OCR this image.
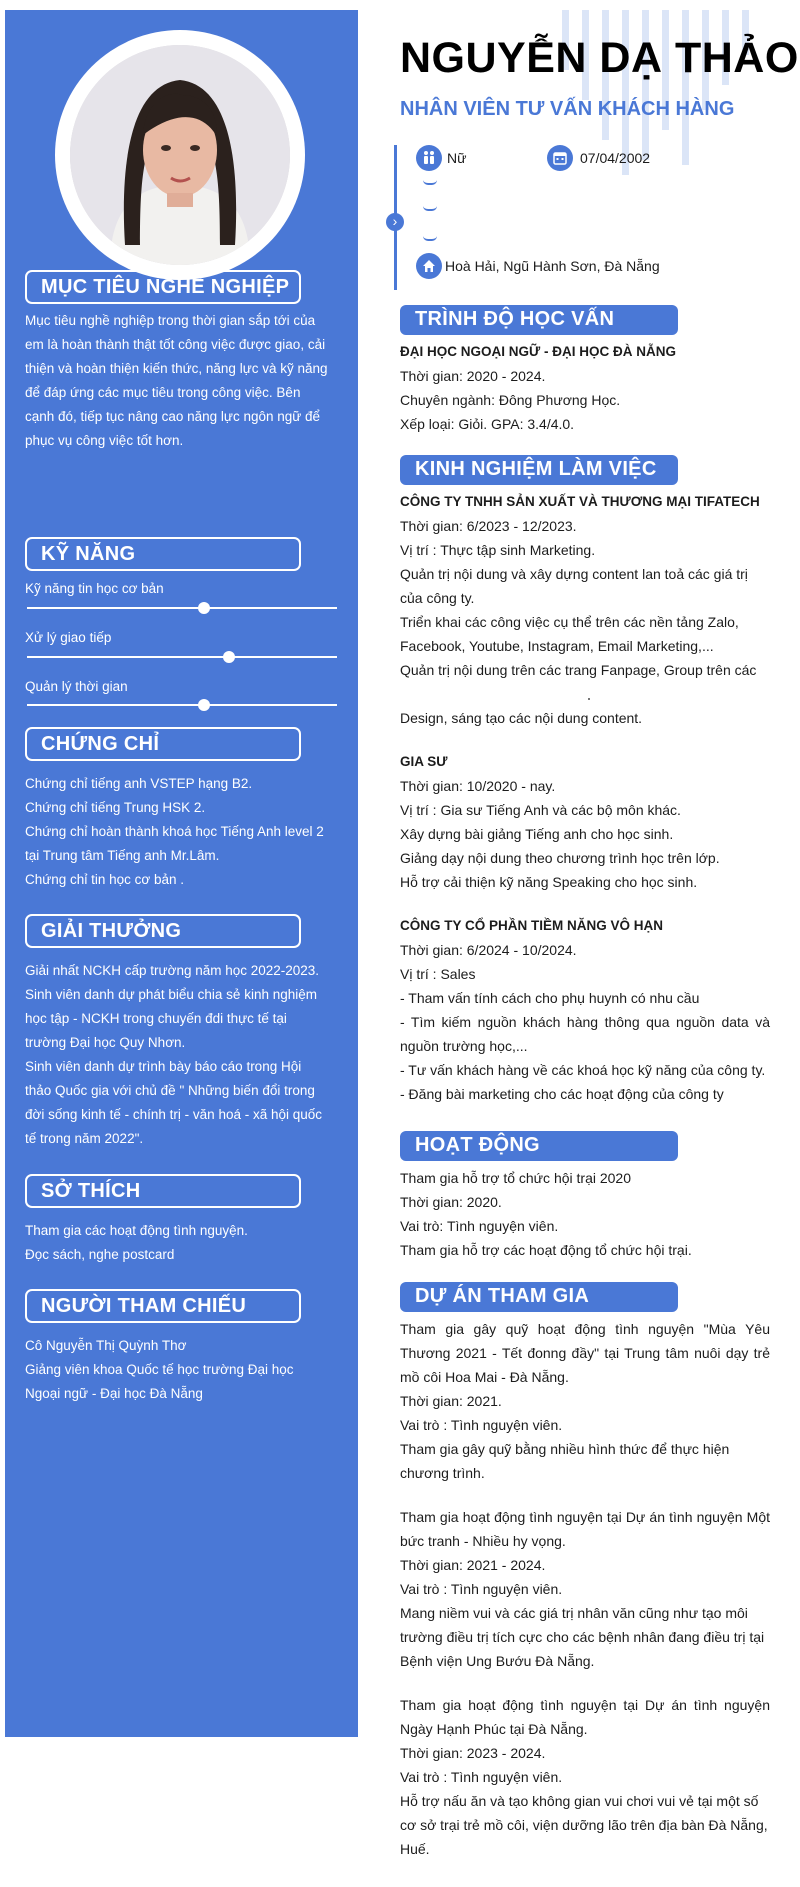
MỤC TIÊU NGHỀ NGHIỆP

Mục tiêu nghề nghiệp trong thời gian sắp tới của

em là hoàn thành thật tốt công việc được giao, cải

thiện và hoàn thiện kiến thức, năng lực và kỹ năng

để đáp ứng các mục tiêu trong công việc. Bên

cạnh đó, tiếp tục nâng cao năng lực ngôn ngữ để

phục vụ công việc tốt hơn.

KỸ NĂNG
Kỹ năng tin học cơ bản
Xử lý giao tiếp
Quản lý thời gian
CHỨNG CHỈ

Chứng chỉ tiếng anh VSTEP hạng B2.

Chứng chỉ tiếng Trung HSK 2.

Chứng chỉ hoàn thành khoá học Tiếng Anh level 2

tại Trung tâm Tiếng anh Mr.Lâm.

Chứng chỉ tin học cơ bản .

GIẢI THƯỞNG

Giải nhất NCKH cấp trường năm học 2022-2023.

Sinh viên danh dự phát biểu chia sẻ kinh nghiệm

học tập - NCKH trong chuyến đdi thực tế tại

trường Đại học Quy Nhơn.

Sinh viên danh dự trình bày báo cáo trong Hội

thảo Quốc gia với chủ đề " Những biến đổi trong

đời sống kinh tế - chính trị - văn hoá - xã hội quốc

tế trong năm 2022".

SỞ THÍCH

Tham gia các hoạt động tình nguyện.

Đọc sách, nghe postcard

NGƯỜI THAM CHIẾU

Cô Nguyễn Thị Quỳnh Thơ

Giảng viên khoa Quốc tế học trường Đại học

Ngoại ngữ - Đại học Đà Nẵng

NGUYỄN DẠ THẢO
NHÂN VIÊN TƯ VẤN KHÁCH HÀNG
›
Nữ	07/04/2002
Hoà Hải, Ngũ Hành Sơn, Đà Nẵng
TRÌNH ĐỘ HỌC VẤN

ĐẠI HỌC NGOẠI NGỮ - ĐẠI HỌC ĐÀ NẴNG

Thời gian: 2020 - 2024.

Chuyên ngành: Đông Phương Học.

Xếp loại: Giỏi. GPA: 3.4/4.0.

KINH NGHIỆM LÀM VIỆC

CÔNG TY TNHH SẢN XUẤT VÀ THƯƠNG MẠI TIFATECH

Thời gian: 6/2023 - 12/2023.

Vị trí : Thực tập sinh Marketing.

Quản trị nội dung và xây dựng content lan toả các giá trị

của công ty.

Triển khai các công việc cụ thể trên các nền tảng Zalo,

Facebook, Youtube, Instagram, Email Marketing,...

Quản trị nội dung trên các trang Fanpage, Group trên các

Design, sáng tạo các nội dung content.

GIA SƯ

Thời gian: 10/2020 - nay.

Vị trí : Gia sư Tiếng Anh và các bộ môn khác.

Xây dựng bài giảng Tiếng anh cho học sinh.

Giảng dạy nội dung theo chương trình học trên lớp.

Hỗ trợ cải thiện kỹ năng Speaking cho học sinh.

CÔNG TY CỔ PHẦN TIỀM NĂNG VÔ HẠN

Thời gian: 6/2024 - 10/2024.

Vị trí : Sales

- Tham vấn tính cách cho phụ huynh có nhu cầu

- Tìm kiếm nguồn khách hàng thông qua nguồn data và nguồn trường học,...

- Tư vấn khách hàng về các khoá học kỹ năng của công ty.

- Đăng bài marketing cho các hoạt động của công ty

HOẠT ĐỘNG

Tham gia hỗ trợ tổ chức hội trại 2020

Thời gian: 2020.

Vai trò: Tình nguyện viên.

Tham gia hỗ trợ các hoạt động tổ chức hội trại.

DỰ ÁN THAM GIA

Tham gia gây quỹ hoạt động tình nguyện "Mùa Yêu Thương 2021 - Tết đonng đầy" tại Trung tâm nuôi dạy trẻ mồ côi Hoa Mai - Đà Nẵng.

Thời gian: 2021.

Vai trò : Tình nguyện viên.

Tham gia gây quỹ bằng nhiều hình thức để thực hiện

chương trình.

Tham gia hoạt động tình nguyện tại Dự án tình nguyện Một bức tranh - Nhiều hy vọng.

Thời gian: 2021 - 2024.

Vai trò : Tình nguyện viên.

Mang niềm vui và các giá trị nhân văn cũng như tạo môi

trường điều trị tích cực cho các bệnh nhân đang điều trị tại

Bệnh viện Ung Bướu Đà Nẵng.

Tham gia hoạt động tình nguyện tại Dự án tình nguyện Ngày Hạnh Phúc tại Đà Nẵng.

Thời gian: 2023 - 2024.

Vai trò : Tình nguyện viên.

Hỗ trợ nấu ăn và tạo không gian vui chơi vui vẻ tại một số

cơ sở trại trẻ mồ côi, viện dưỡng lão trên địa bàn Đà Nẵng,

Huế.
